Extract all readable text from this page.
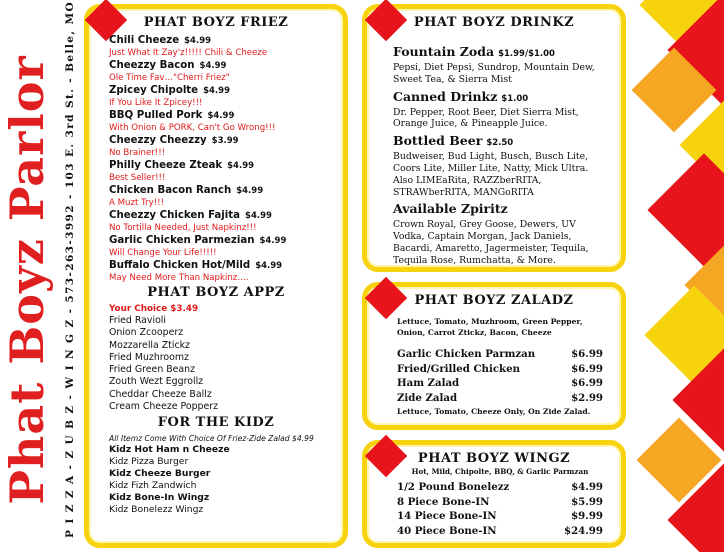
Phat Boyz Parlor P I Z Z A - Z U B Z - W I N G Z - 573-263-3992 - 103 E. 3rd St. - Belle, MO	PHAT BOYZ FRIEZ
Chili Cheeze $4.99
Just What It Zay'z!!!!! Chili & Cheeze
Cheezzy Bacon $4.99
Ole Time Fav…"Cherri Friez"
Zpicey Chipolte $4.99
If You Like It Zpicey!!!
BBQ Pulled Pork $4.99
With Onion & PORK, Can't Go Wrong!!!
Cheezzy Cheezzy $3.99
No Brainer!!!
Philly Cheeze Zteak $4.99
Best Seller!!!
Chicken Bacon Ranch $4.99
A Muzt Try!!!
Cheezzy Chicken Fajita $4.99
No Tortilla Needed, Just Napkinz!!!
Garlic Chicken Parmezian $4.99
Will Change Your Life!!!!!
Buffalo Chicken Hot/Mild $4.99
May Need More Than Napkinz….
PHAT BOYZ APPZ
Your Choice $3.49
Fried Ravioli
Onion Zcooperz
Mozzarella Ztickz
Fried Muzhroomz
Fried Green Beanz
Zouth Wezt Eggrollz
Cheddar Cheeze Ballz
Cream Cheeze Popperz
FOR THE KIDZ
All Itemz Come With Choice Of Friez-Zide Zalad $4.99
Kidz Hot Ham n Cheeze
Kidz Pizza Burger
Kidz Cheeze Burger
Kidz Fizh Zandwich
Kidz Bone-In Wingz
Kidz Bonelezz Wingz
PHAT BOYZ DRINKZ
Fountain Zoda $1.99/$1.00
Pepsi, Diet Pepsi, Sundrop, Mountain Dew, Sweet Tea, & Sierra Mist
Canned Drinkz $1.00
Dr. Pepper, Root Beer, Diet Sierra Mist, Orange Juice, & Pineapple Juice.
Bottled Beer $2.50
Budweiser, Bud Light, Busch, Busch Lite, Coors Lite, Miller Lite, Natty, Mick Ultra. Also LIMEaRita, RAZZberRITA, STRAWberRITA, MANGoRITA
Available Zpiritz
Crown Royal, Grey Goose, Dewers, UV Vodka, Captain Morgan, Jack Daniels, Bacardi, Amaretto, Jagermeister, Tequila, Tequila Rose, Rumchatta, & More.
PHAT BOYZ ZALADZ
Lettuce, Tomato, Muzhroom, Green Pepper, Onion, Carrot Ztickz, Bacon, Cheeze
Garlic Chicken Parmzan	$6.99
Fried/Grilled Chicken	$6.99
Ham Zalad	$6.99
Zide Zalad	$2.99
Lettuce, Tomato, Cheeze Only, On Zide Zalad.
PHAT BOYZ WINGZ
Hot, Mild, Chipolte, BBQ, & Garlic Parmzan
1/2 Pound Bonelezz	$4.99
8 Piece Bone-IN	$5.99
14 Piece Bone-IN	$9.99
40 Piece Bone-IN	$24.99
